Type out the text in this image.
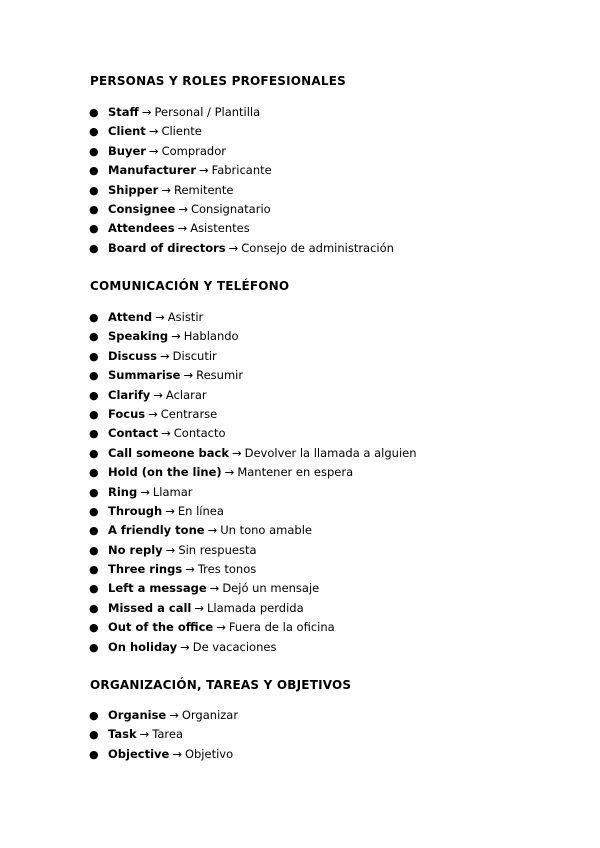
PERSONAS Y ROLES PROFESIONALES
● Staff → Personal / Plantilla
● Client → Cliente
● Buyer → Comprador
● Manufacturer → Fabricante
● Shipper → Remitente
● Consignee → Consignatario
● Attendees → Asistentes
● Board of directors → Consejo de administración
COMUNICACIÓN Y TELÉFONO
● Attend → Asistir
● Speaking → Hablando
● Discuss → Discutir
● Summarise → Resumir
● Clarify → Aclarar
● Focus → Centrarse
● Contact → Contacto
● Call someone back → Devolver la llamada a alguien
● Hold (on the line) → Mantener en espera
● Ring → Llamar
● Through → En línea
● A friendly tone → Un tono amable
● No reply → Sin respuesta
● Three rings → Tres tonos
● Left a message → Dejó un mensaje
● Missed a call → Llamada perdida
● Out of the office → Fuera de la oficina
● On holiday → De vacaciones
ORGANIZACIÓN, TAREAS Y OBJETIVOS
● Organise → Organizar
● Task → Tarea
● Objective → Objetivo
